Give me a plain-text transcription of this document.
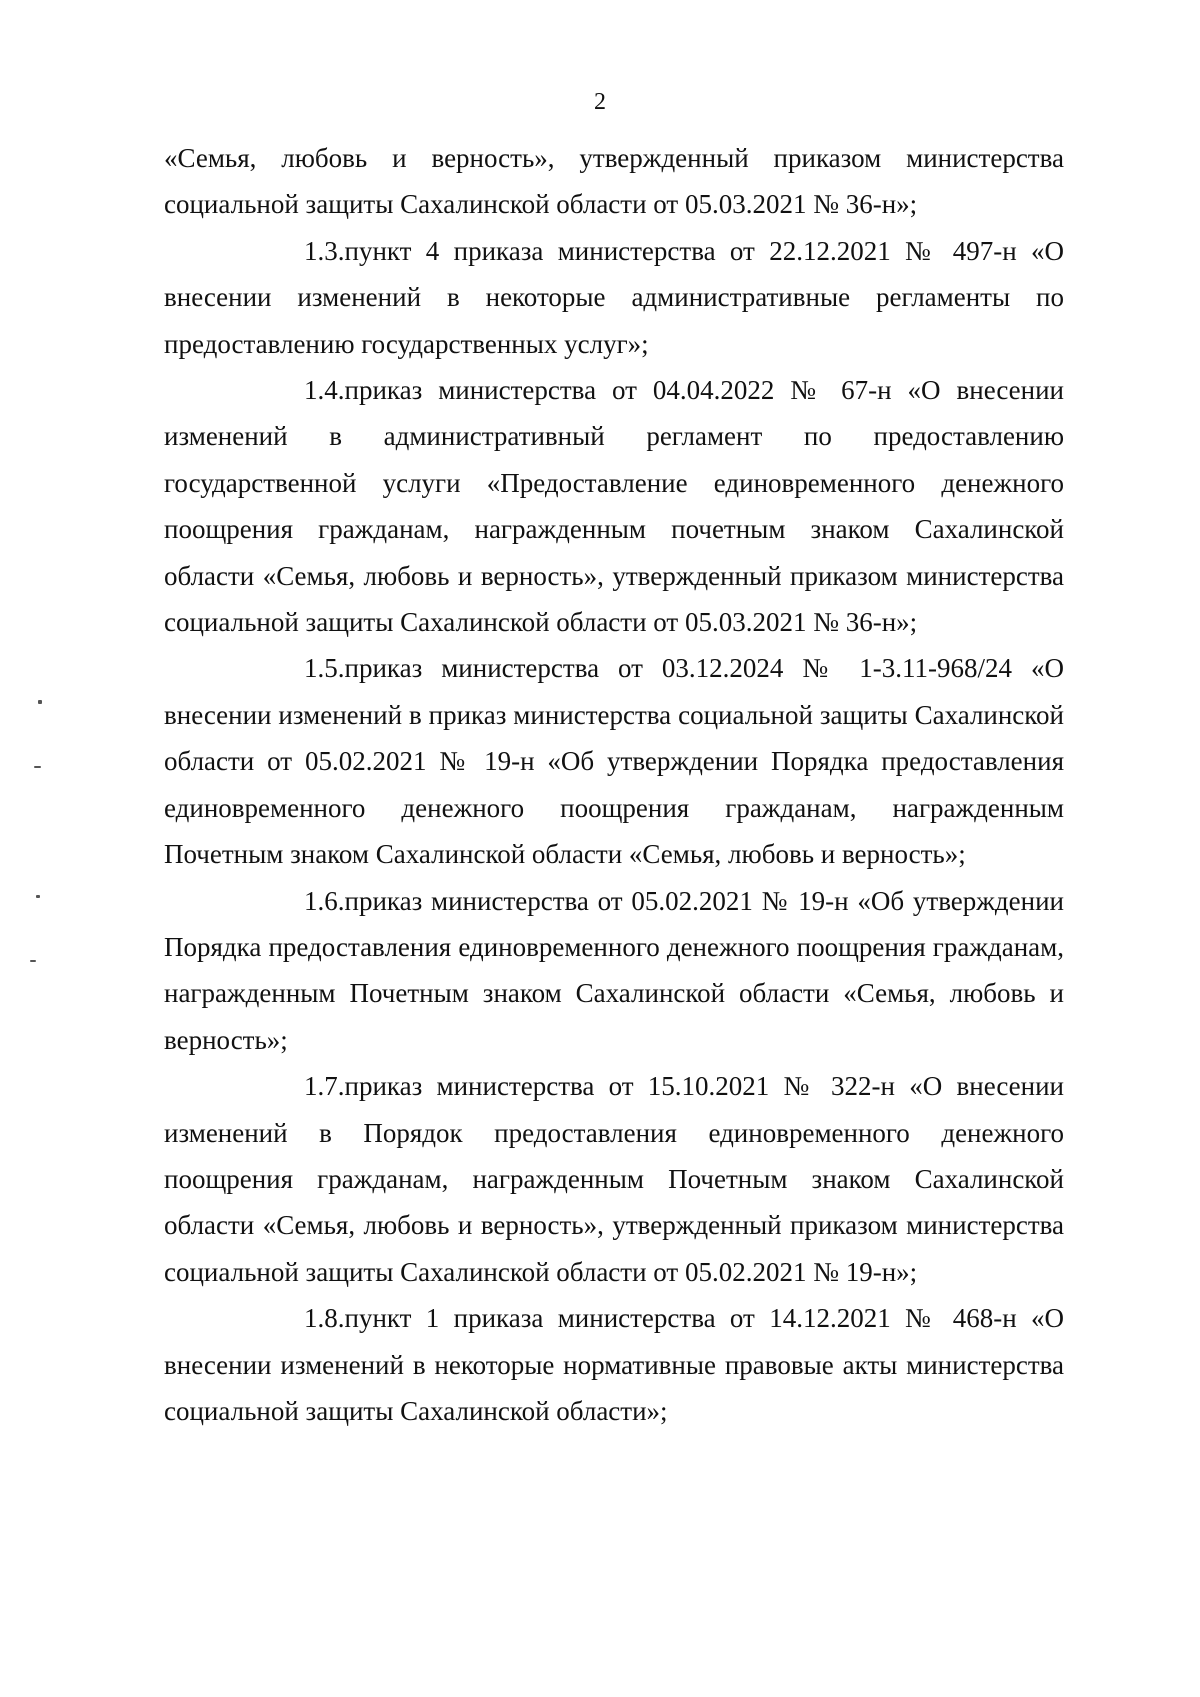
2

«Семья, любовь и верность», утвержденный приказом министерства социальной защиты Сахалинской области от 05.03.2021 № 36-н»;

1.3.пункт 4 приказа министерства от 22.12.2021 № 497-н «О внесении изменений в некоторые административные регламенты по предоставлению государственных услуг»;

1.4.приказ министерства от 04.04.2022 № 67-н «О внесении изменений в административный регламент по предоставлению государственной услуги «Предоставление единовременного денежного поощрения гражданам, награжденным почетным знаком Сахалинской области «Семья, любовь и верность», утвержденный приказом министерства социальной защиты Сахалинской области от 05.03.2021 № 36-н»;

1.5.приказ министерства от 03.12.2024 № 1-3.11-968/24 «О внесении изменений в приказ министерства социальной защиты Сахалинской области от 05.02.2021 № 19-н «Об утверждении Порядка предоставления единовременного денежного поощрения гражданам, награжденным Почетным знаком Сахалинской области «Семья, любовь и верность»;

1.6.приказ министерства от 05.02.2021 № 19-н «Об утверждении Порядка предоставления единовременного денежного поощрения гражданам, награжденным Почетным знаком Сахалинской области «Семья, любовь и верность»;

1.7.приказ министерства от 15.10.2021 № 322-н «О внесении изменений в Порядок предоставления единовременного денежного поощрения гражданам, награжденным Почетным знаком Сахалинской области «Семья, любовь и верность», утвержденный приказом министерства социальной защиты Сахалинской области от 05.02.2021 № 19-н»;

1.8.пункт 1 приказа министерства от 14.12.2021 № 468-н «О внесении изменений в некоторые нормативные правовые акты министерства социальной защиты Сахалинской области»;
